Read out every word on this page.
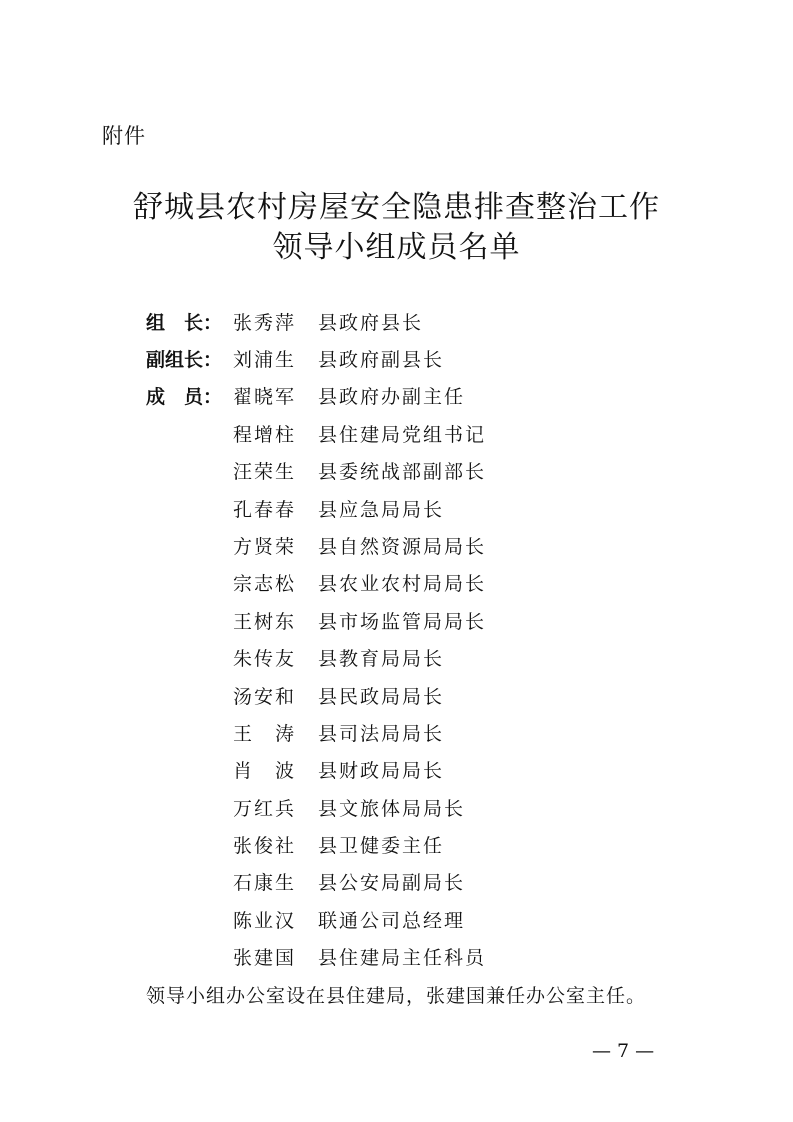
附件
舒城县农村房屋安全隐患排查整治工作
领导小组成员名单
组　长： 张秀萍 县政府县长
副组长： 刘浦生 县政府副县长
成　员： 翟晓军 县政府办副主任
程增柱 县住建局党组书记
汪荣生 县委统战部副部长
孔春春 县应急局局长
方贤荣 县自然资源局局长
宗志松 县农业农村局局长
王树东 县市场监管局局长
朱传友 县教育局局长
汤安和 县民政局局长
王　涛 县司法局局长
肖　波 县财政局局长
万红兵 县文旅体局局长
张俊社 县卫健委主任
石康生 县公安局副局长
陈业汉 联通公司总经理
张建国 县住建局主任科员
领导小组办公室设在县住建局，张建国兼任办公室主任。
— 7 —
